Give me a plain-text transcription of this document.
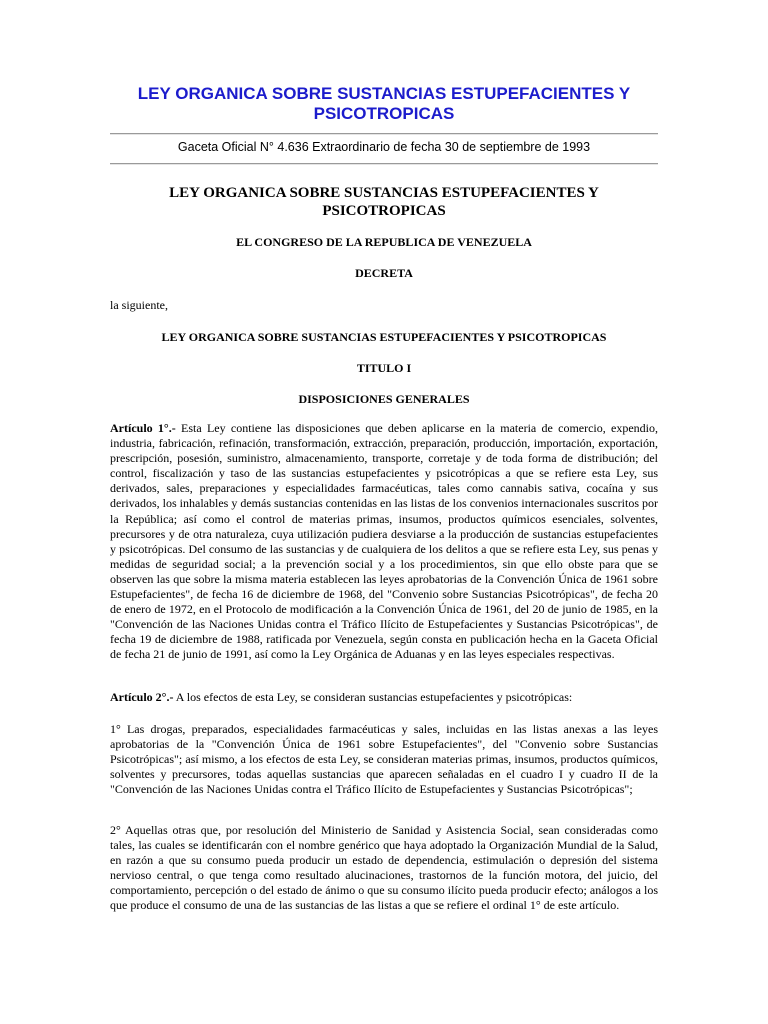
LEY ORGANICA SOBRE SUSTANCIAS ESTUPEFACIENTES Y PSICOTROPICAS

Gaceta Oficial N° 4.636 Extraordinario de fecha 30 de septiembre de 1993

LEY ORGANICA SOBRE SUSTANCIAS ESTUPEFACIENTES Y PSICOTROPICAS

EL CONGRESO DE LA REPUBLICA DE VENEZUELA

DECRETA

la siguiente,

LEY ORGANICA SOBRE SUSTANCIAS ESTUPEFACIENTES Y PSICOTROPICAS

TITULO I

DISPOSICIONES GENERALES

Artículo 1°.- Esta Ley contiene las disposiciones que deben aplicarse en la materia de comercio, expendio, industria, fabricación, refinación, transformación, extracción, preparación, producción, importación, exportación, prescripción, posesión, suministro, almacenamiento, transporte, corretaje y de toda forma de distribución; del control, fiscalización y taso de las sustancias estupefacientes y psicotrópicas a que se refiere esta Ley, sus derivados, sales, preparaciones y especialidades farmacéuticas, tales como cannabis sativa, cocaína y sus derivados, los inhalables y demás sustancias contenidas en las listas de los convenios internacionales suscritos por la República; así como el control de materias primas, insumos, productos químicos esenciales, solventes, precursores y de otra naturaleza, cuya utilización pudiera desviarse a la producción de sustancias estupefacientes y psicotrópicas. Del consumo de las sustancias y de cualquiera de los delitos a que se refiere esta Ley, sus penas y medidas de seguridad social; a la prevención social y a los procedimientos, sin que ello obste para que se observen las que sobre la misma materia establecen las leyes aprobatorias de la Convención Única de 1961 sobre Estupefacientes", de fecha 16 de diciembre de 1968, del "Convenio sobre Sustancias Psicotrópicas", de fecha 20 de enero de 1972, en el Protocolo de modificación a la Convención Única de 1961, del 20 de junio de 1985, en la "Convención de las Naciones Unidas contra el Tráfico Ilícito de Estupefacientes y Sustancias Psicotrópicas", de fecha 19 de diciembre de 1988, ratificada por Venezuela, según consta en publicación hecha en la Gaceta Oficial de fecha 21 de junio de 1991, así como la Ley Orgánica de Aduanas y en las leyes especiales respectivas.

Artículo 2°.- A los efectos de esta Ley, se consideran sustancias estupefacientes y psicotrópicas:

1° Las drogas, preparados, especialidades farmacéuticas y sales, incluidas en las listas anexas a las leyes aprobatorias de la "Convención Única de 1961 sobre Estupefacientes", del "Convenio sobre Sustancias Psicotrópicas"; así mismo, a los efectos de esta Ley, se consideran materias primas, insumos, productos químicos, solventes y precursores, todas aquellas sustancias que aparecen señaladas en el cuadro I y cuadro II de la "Convención de las Naciones Unidas contra el Tráfico Ilícito de Estupefacientes y Sustancias Psicotrópicas";

2° Aquellas otras que, por resolución del Ministerio de Sanidad y Asistencia Social, sean consideradas como tales, las cuales se identificarán con el nombre genérico que haya adoptado la Organización Mundial de la Salud, en razón a que su consumo pueda producir un estado de dependencia, estimulación o depresión del sistema nervioso central, o que tenga como resultado alucinaciones, trastornos de la función motora, del juicio, del comportamiento, percepción o del estado de ánimo o que su consumo ilícito pueda producir efecto; análogos a los que produce el consumo de una de las sustancias de las listas a que se refiere el ordinal 1° de este artículo.
